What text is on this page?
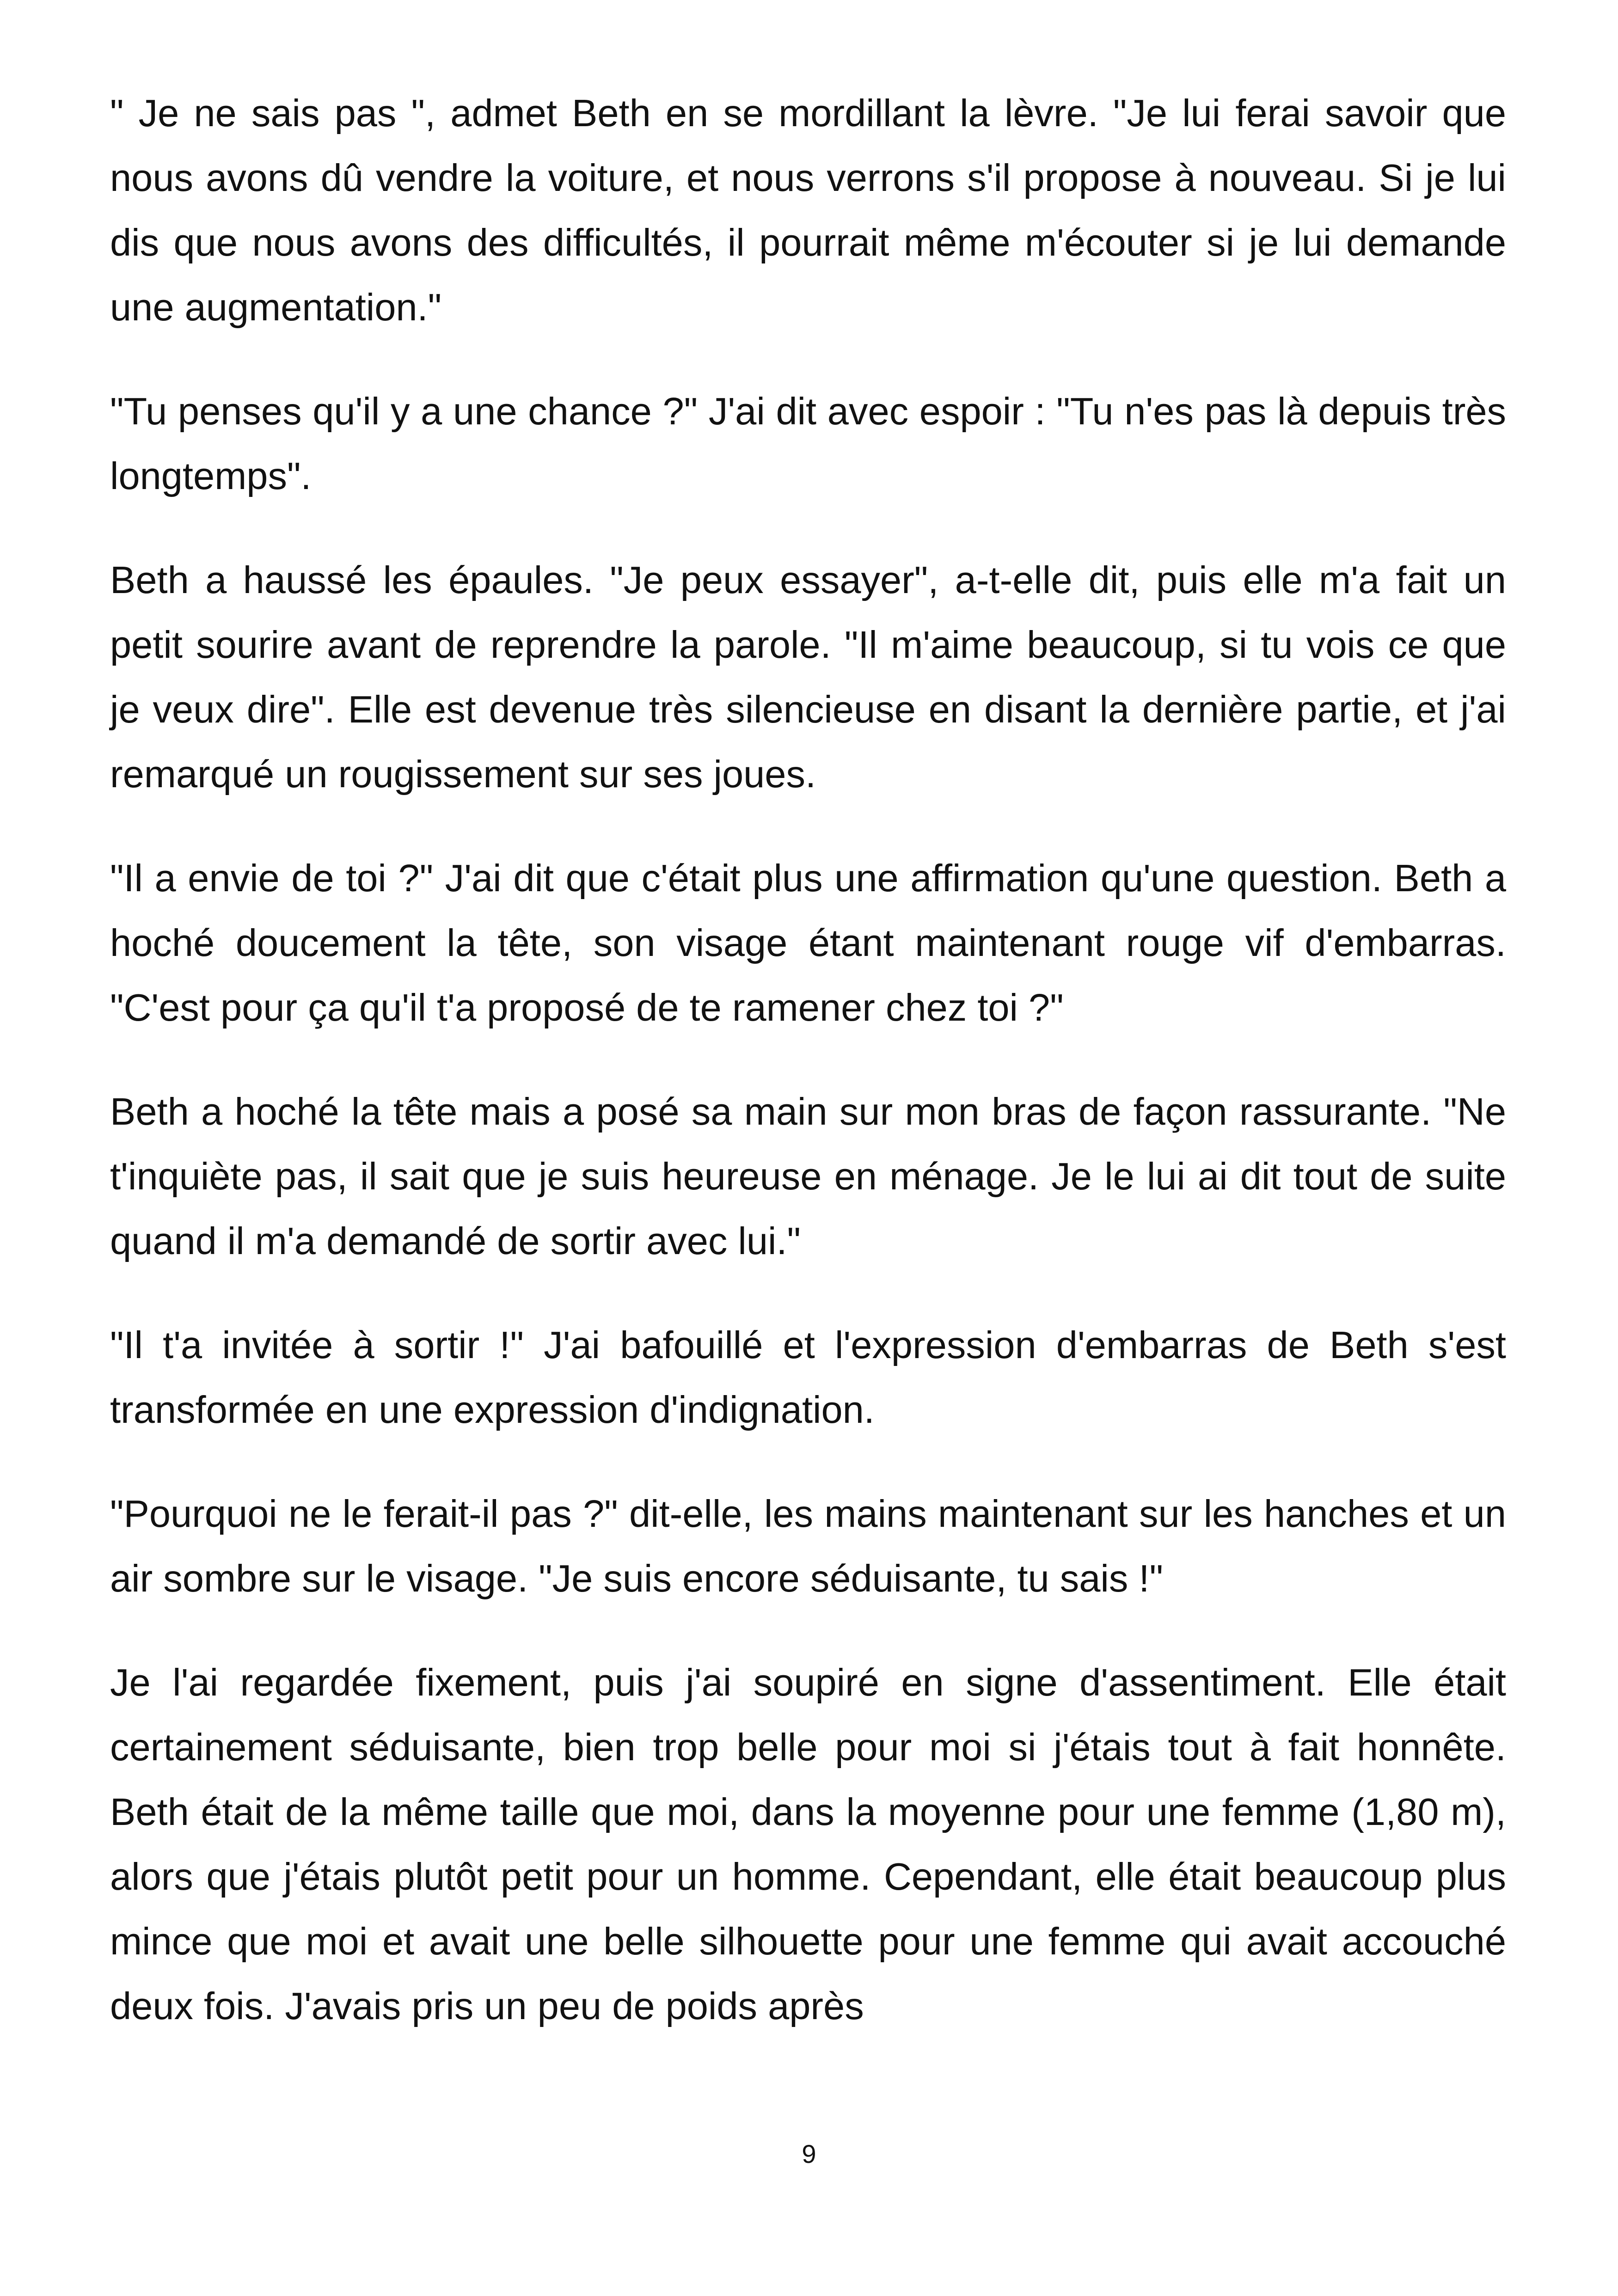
" Je ne sais pas ", admet Beth en se mordillant la lèvre. "Je lui ferai savoir que nous avons dû vendre la voiture, et nous verrons s'il propose à nouveau. Si je lui dis que nous avons des difficultés, il pourrait même m'écouter si je lui demande une augmentation."

"Tu penses qu'il y a une chance ?" J'ai dit avec espoir : "Tu n'es pas là depuis très longtemps".

Beth a haussé les épaules. "Je peux essayer", a-t-elle dit, puis elle m'a fait un petit sourire avant de reprendre la parole. "Il m'aime beaucoup, si tu vois ce que je veux dire". Elle est devenue très silencieuse en disant la dernière partie, et j'ai remarqué un rougissement sur ses joues.

"Il a envie de toi ?" J'ai dit que c'était plus une affirmation qu'une question. Beth a hoché doucement la tête, son visage étant maintenant rouge vif d'embarras. "C'est pour ça qu'il t'a proposé de te ramener chez toi ?"

Beth a hoché la tête mais a posé sa main sur mon bras de façon rassurante. "Ne t'inquiète pas, il sait que je suis heureuse en ménage. Je le lui ai dit tout de suite quand il m'a demandé de sortir avec lui."

"Il t'a invitée à sortir !" J'ai bafouillé et l'expression d'embarras de Beth s'est transformée en une expression d'indignation.

"Pourquoi ne le ferait-il pas ?" dit-elle, les mains maintenant sur les hanches et un air sombre sur le visage. "Je suis encore séduisante, tu sais !"

Je l'ai regardée fixement, puis j'ai soupiré en signe d'assentiment. Elle était certainement séduisante, bien trop belle pour moi si j'étais tout à fait honnête. Beth était de la même taille que moi, dans la moyenne pour une femme (1,80 m), alors que j'étais plutôt petit pour un homme. Cependant, elle était beaucoup plus mince que moi et avait une belle silhouette pour une femme qui avait accouché deux fois. J'avais pris un peu de poids après

9
